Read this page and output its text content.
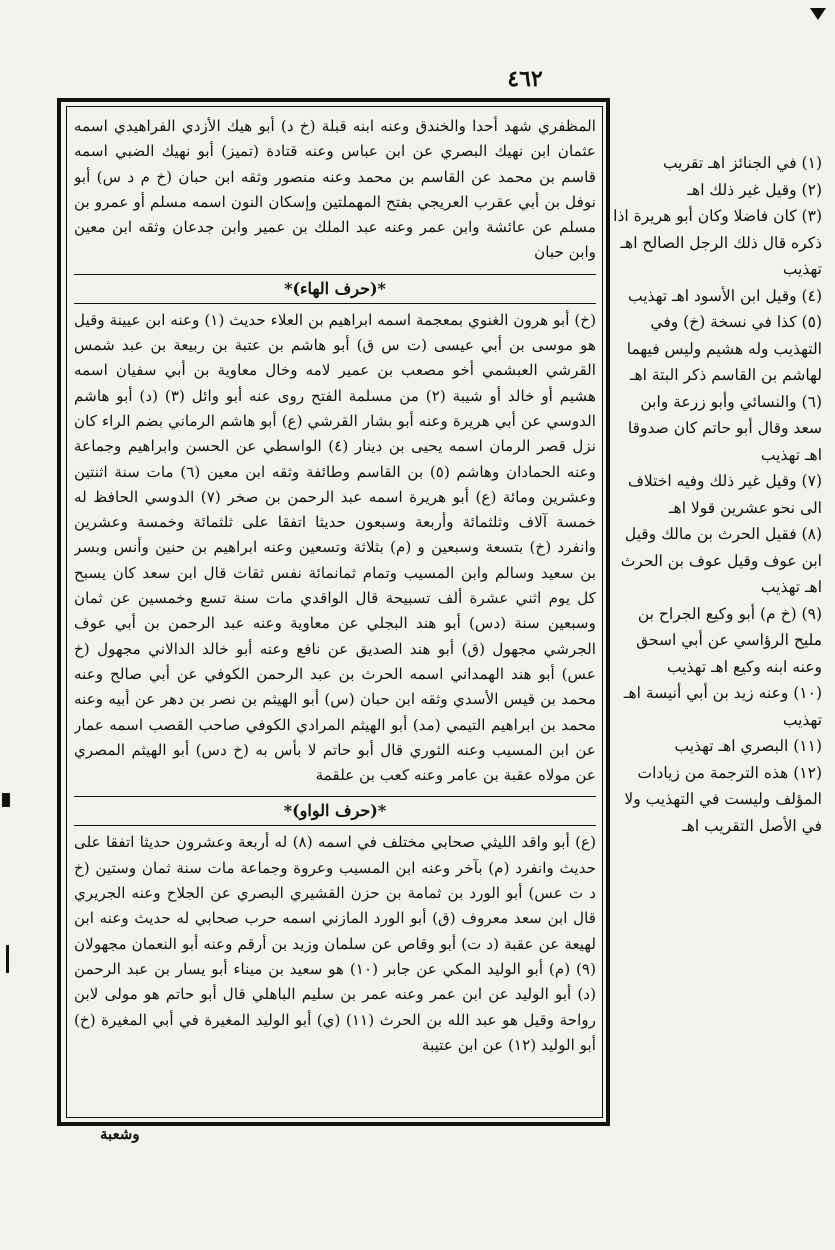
٤٦٢

المظفري شهد أحدا والخندق وعنه ابنه قبلة (خ د) أبو هيك الأزدي الفراهيدي اسمه عثمان ابن نهيك البصري عن ابن عباس وعنه قتادة (تميز) أبو نهيك الضبي اسمه قاسم بن محمد عن القاسم بن محمد وعنه منصور وثقه ابن حبان (خ م د س) أبو نوفل بن أبي عقرب العريجي بفتح المهملتين وإسكان النون اسمه مسلم أو عمرو بن مسلم عن عائشة وابن عمر وعنه عبد الملك بن عمير وابن جدعان وثقه ابن معين وابن حبان

*(حرف الهاء)*

(خ) أبو هرون الغنوي بمعجمة اسمه ابراهيم بن العلاء حديث (١) وعنه ابن عيينة وقيل هو موسى بن أبي عيسى (ت س ق) أبو هاشم بن عتبة بن ربيعة بن عبد شمس القرشي العبشمي أخو مصعب بن عمير لامه وخال معاوية بن أبي سفيان اسمه هشيم أو خالد أو شيبة (٢) من مسلمة الفتح روى عنه أبو وائل (٣) (د) أبو هاشم الدوسي عن أبي هريرة وعنه أبو بشار القرشي (ع) أبو هاشم الرماني بضم الراء كان نزل قصر الرمان اسمه يحيى بن دينار (٤) الواسطي عن الحسن وابراهيم وجماعة وعنه الحمادان وهاشم (٥) بن القاسم وطائفة وثقه ابن معين (٦) مات سنة اثنتين وعشرين ومائة (ع) أبو هريرة اسمه عبد الرحمن بن صخر (٧) الدوسي الحافظ له خمسة آلاف وثلثمائة وأربعة وسبعون حديثا اتفقا على ثلثمائة وخمسة وعشرين وانفرد (خ) بتسعة وسبعين و (م) بثلاثة وتسعين وعنه ابراهيم بن حنين وأنس وبسر بن سعيد وسالم وابن المسيب وتمام ثمانمائة نفس ثقات قال ابن سعد كان يسبح كل يوم اثني عشرة ألف تسبيحة قال الواقدي مات سنة تسع وخمسين عن ثمان وسبعين سنة (دس) أبو هند البجلي عن معاوية وعنه عبد الرحمن بن أبي عوف الجرشي مجهول (ق) أبو هند الصديق عن نافع وعنه أبو خالد الدالاني مجهول (خ عس) أبو هند الهمداني اسمه الحرث بن عبد الرحمن الكوفي عن أبي صالح وعنه محمد بن قيس الأسدي وثقه ابن حبان (س) أبو الهيثم بن نصر بن دهر عن أبيه وعنه محمد بن ابراهيم التيمي (مد) أبو الهيثم المرادي الكوفي صاحب القصب اسمه عمار عن ابن المسيب وعنه الثوري قال أبو حاتم لا بأس به (خ دس) أبو الهيثم المصري عن مولاه عقبة بن عامر وعنه كعب بن علقمة

*(حرف الواو)*

(ع) أبو واقد الليثي صحابي مختلف في اسمه (٨) له أربعة وعشرون حديثا اتفقا على حديث وانفرد (م) بآخر وعنه ابن المسيب وعروة وجماعة مات سنة ثمان وستين (خ د ت عس) أبو الورد بن ثمامة بن حزن القشيري البصري عن الجلاح وعنه الجريري قال ابن سعد معروف (ق) أبو الورد المازني اسمه حرب صحابي له حديث وعنه ابن لهيعة عن عقبة (د ت) أبو وقاص عن سلمان وزيد بن أرقم وعنه أبو النعمان مجهولان (٩) (م) أبو الوليد المكي عن جابر (١٠) هو سعيد بن ميناء أبو يسار بن عبد الرحمن (د) أبو الوليد عن ابن عمر وعنه عمر بن سليم الباهلي قال أبو حاتم هو مولى لابن رواحة وقيل هو عبد الله بن الحرث (١١) (ي) أبو الوليد المغيرة في أبي المغيرة (خ) أبو الوليد (١٢) عن ابن عتيبة

(١) في الجنائز اهـ تقريب

(٢) وقيل غير ذلك اهـ

(٣) كان فاضلا وكان أبو هريرة اذا ذكره قال ذلك الرجل الصالح اهـ تهذيب

(٤) وقيل ابن الأسود اهـ تهذيب

(٥) كذا في نسخة (خ) وفي التهذيب وله هشيم وليس فيهما لهاشم بن القاسم ذكر البتة اهـ

(٦) والنسائي وأبو زرعة وابن سعد وقال أبو حاتم كان صدوقا اهـ تهذيب

(٧) وقيل غير ذلك وفيه اختلاف الى نحو عشرين قولا اهـ

(٨) فقيل الحرث بن مالك وقيل ابن عوف وقيل عوف بن الحرث اهـ تهذيب

(٩) (خ م) أبو وكيع الجراح بن مليح الرؤاسي عن أبي اسحق وعنه ابنه وكيع اهـ تهذيب

(١٠) وعنه زيد بن أبي أنيسة اهـ تهذيب

(١١) البصري اهـ تهذيب

(١٢) هذه الترجمة من زيادات المؤلف وليست في التهذيب ولا في الأصل التقريب اهـ

وشعبة
